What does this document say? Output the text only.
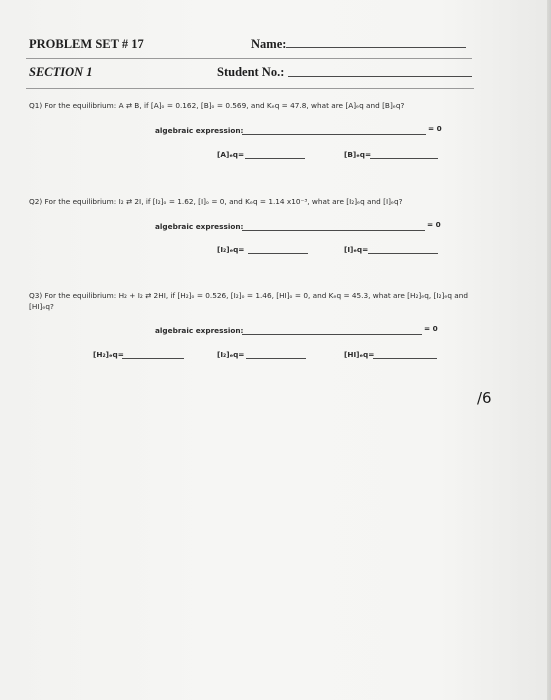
PROBLEM SET # 17	Name:
SECTION 1	Student No.:
Q1) For the equilibrium: A ⇄ B, if [A]ₒ = 0.162, [B]ₒ = 0.569, and Kₑq = 47.8, what are [A]ₑq and [B]ₑq?
algebraic expression:	= 0
[A]ₑq=	[B]ₑq=
Q2) For the equilibrium: I₂ ⇄ 2I, if [I₂]ₒ = 1.62, [I]ₒ = 0, and Kₑq = 1.14 x10⁻³, what are [I₂]ₑq and [I]ₑq?
algebraic expression:	= 0
[I₂]ₑq=	[I]ₑq=
Q3) For the equilibrium: H₂ + I₂ ⇄ 2HI, if [H₂]ₒ = 0.526, [I₂]ₒ = 1.46, [HI]ₒ = 0, and Kₑq = 45.3, what are [H₂]ₑq, [I₂]ₑq and
[HI]ₑq?
algebraic expression:	= 0
[H₂]ₑq=	[I₂]ₑq=	[HI]ₑq=
/6
